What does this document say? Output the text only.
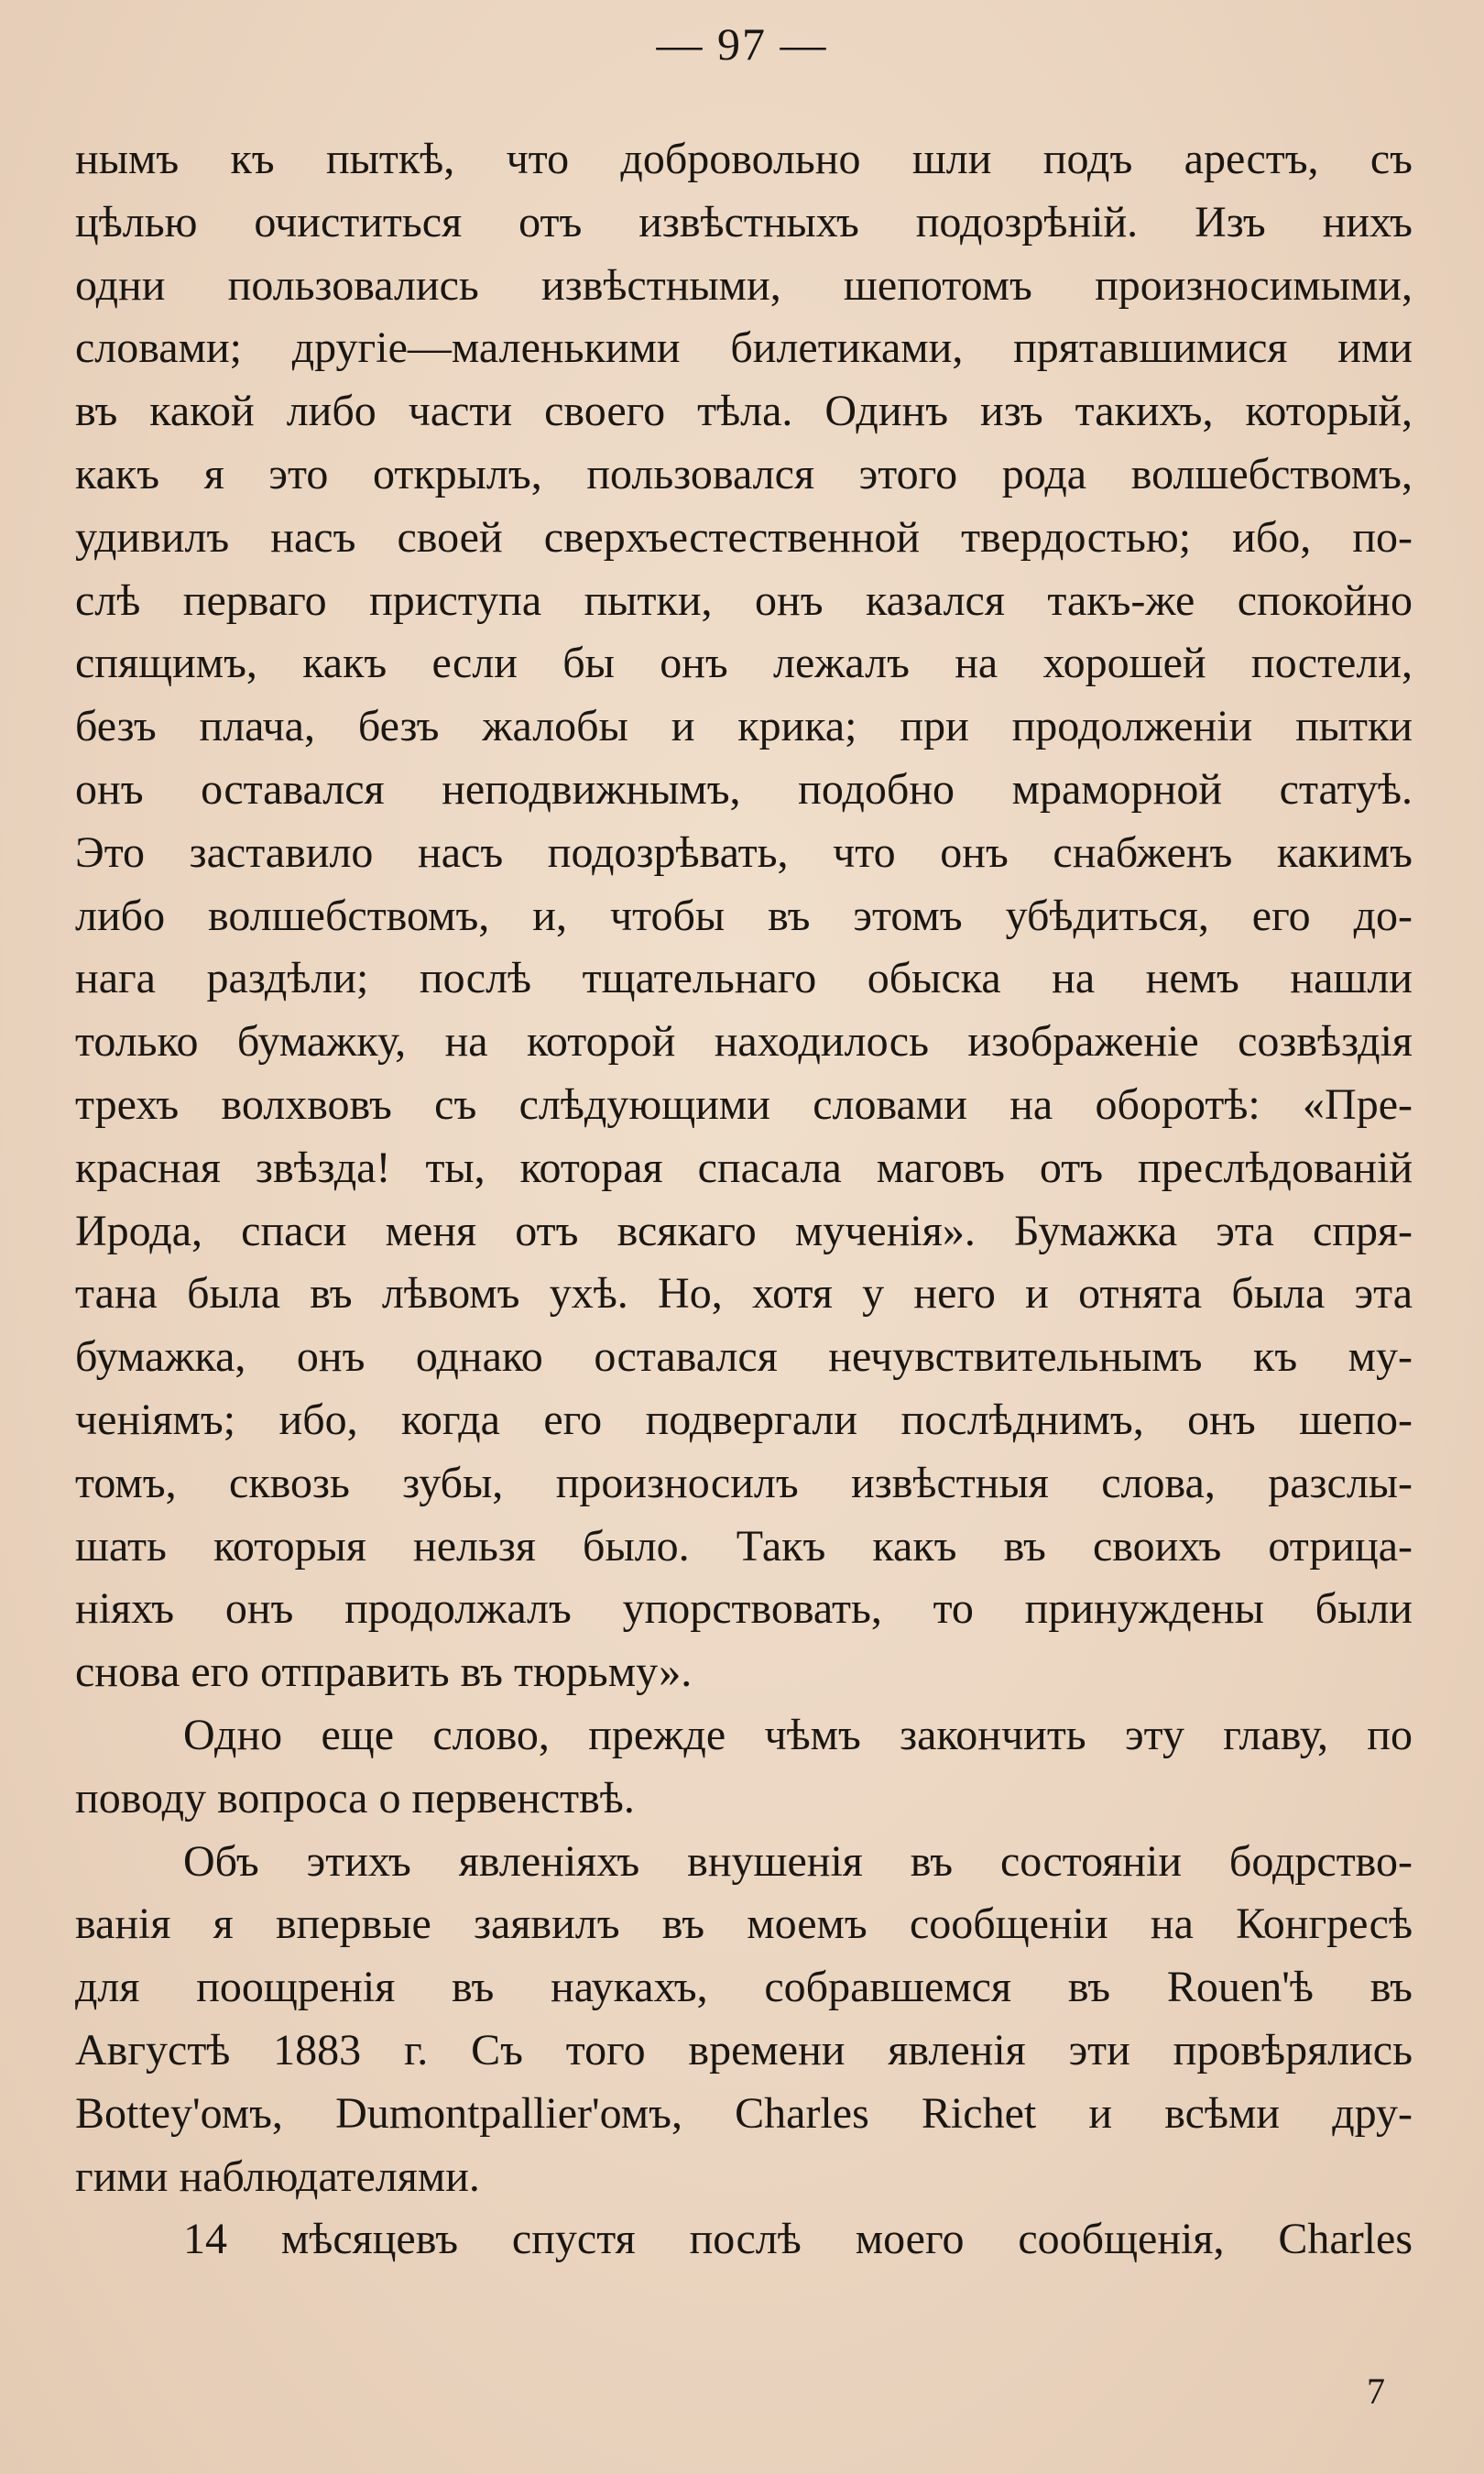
— 97 —
нымъ къ пыткѣ, что добровольно шли подъ арестъ, съ
цѣлью очиститься отъ извѣстныхъ подозрѣній. Изъ нихъ
одни пользовались извѣстными, шепотомъ произносимыми,
словами; другіе—маленькими билетиками, прятавшимися ими
въ какой либо части своего тѣла. Одинъ изъ такихъ, который,
какъ я это открылъ, пользовался этого рода волшебствомъ,
удивилъ насъ своей сверхъестественной твердостью; ибо, по-
слѣ перваго приступа пытки, онъ казался такъ-же спокойно
спящимъ, какъ если бы онъ лежалъ на хорошей постели,
безъ плача, безъ жалобы и крика; при продолженіи пытки
онъ оставался неподвижнымъ, подобно мраморной статуѣ.
Это заставило насъ подозрѣвать, что онъ снабженъ какимъ
либо волшебствомъ, и, чтобы въ этомъ убѣдиться, его до-
нага раздѣли; послѣ тщательнаго обыска на немъ нашли
только бумажку, на которой находилось изображеніе созвѣздія
трехъ волхвовъ съ слѣдующими словами на оборотѣ: «Пре-
красная звѣзда! ты, которая спасала маговъ отъ преслѣдованій
Ирода, спаси меня отъ всякаго мученія». Бумажка эта спря-
тана была въ лѣвомъ ухѣ. Но, хотя у него и отнята была эта
бумажка, онъ однако оставался нечувствительнымъ къ му-
ченіямъ; ибо, когда его подвергали послѣднимъ, онъ шепо-
томъ, сквозь зубы, произносилъ извѣстныя слова, разслы-
шать которыя нельзя было. Такъ какъ въ своихъ отрица-
ніяхъ онъ продолжалъ упорствовать, то принуждены были
снова его отправить въ тюрьму».
Одно еще слово, прежде чѣмъ закончить эту главу, по
поводу вопроса о первенствѣ.
Объ этихъ явленіяхъ внушенія въ состояніи бодрство-
ванія я впервые заявилъ въ моемъ сообщеніи на Конгресѣ
для поощренія въ наукахъ, собравшемся въ Rouen'ѣ въ
Августѣ 1883 г. Съ того времени явленія эти провѣрялись
Bottey'омъ, Dumontpallier'омъ, Charles Richet и всѣми дру-
гими наблюдателями.
14 мѣсяцевъ спустя послѣ моего сообщенія, Charles
7
